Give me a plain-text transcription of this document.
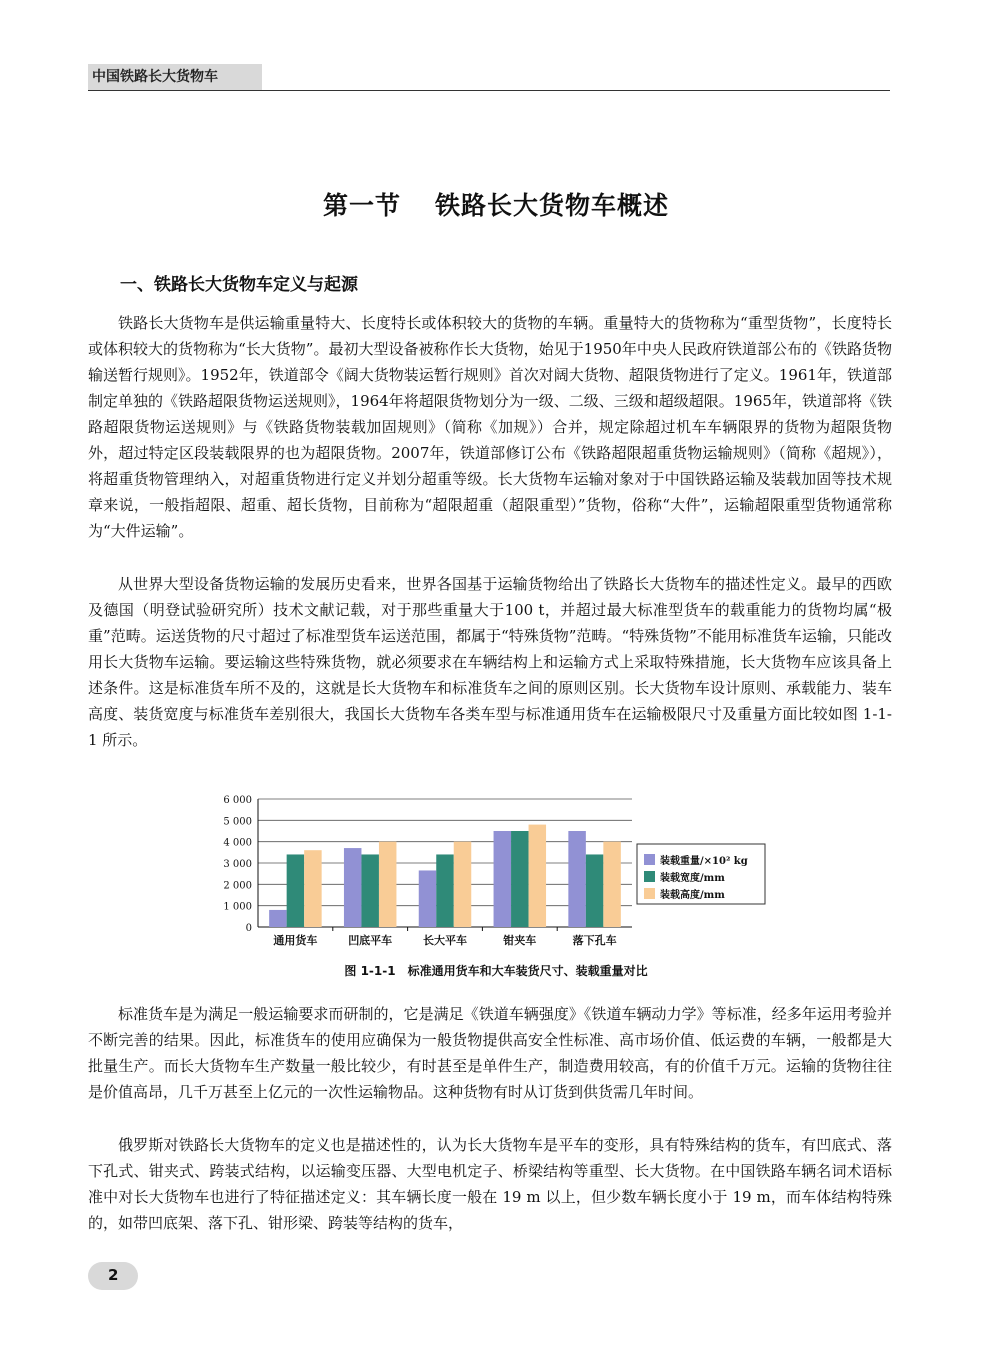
中国铁路长大货物车
第一节 铁路长大货物车概述
一、铁路长大货物车定义与起源

铁路长大货物车是供运输重量特大、长度特长或体积较大的货物的车辆。重量特大的货物称为“重型货物”，长度特长或体积较大的货物称为“长大货物”。最初大型设备被称作长大货物，始见于1950年中央人民政府铁道部公布的《铁路货物输送暂行规则》。1952年，铁道部令《阔大货物装运暂行规则》首次对阔大货物、超限货物进行了定义。1961年，铁道部制定单独的《铁路超限货物运送规则》，1964年将超限货物划分为一级、二级、三级和超级超限。1965年，铁道部将《铁路超限货物运送规则》与《铁路货物装载加固规则》（简称《加规》）合并，规定除超过机车车辆限界的货物为超限货物外，超过特定区段装载限界的也为超限货物。2007年，铁道部修订公布《铁路超限超重货物运输规则》（简称《超规》），将超重货物管理纳入，对超重货物进行定义并划分超重等级。长大货物车运输对象对于中国铁路运输及装载加固等技术规章来说，一般指超限、超重、超长货物，目前称为“超限超重（超限重型）”货物，俗称“大件”，运输超限重型货物通常称为“大件运输”。

从世界大型设备货物运输的发展历史看来，世界各国基于运输货物给出了铁路长大货物车的描述性定义。最早的西欧及德国（明登试验研究所）技术文献记载，对于那些重量大于100 t，并超过最大标准型货车的载重能力的货物均属“极重”范畴。运送货物的尺寸超过了标准型货车运送范围，都属于“特殊货物”范畴。“特殊货物”不能用标准货车运输，只能改用长大货物车运输。要运输这些特殊货物，就必须要求在车辆结构上和运输方式上采取特殊措施，长大货物车应该具备上述条件。这是标准货车所不及的，这就是长大货物车和标准货车之间的原则区别。长大货物车设计原则、承载能力、装车高度、装货宽度与标准货车差别很大，我国长大货物车各类车型与标准通用货车在运输极限尺寸及重量方面比较如图 1-1-1 所示。

0
1 000
2 000
3 000
4 000
5 000
6 000
通用货车	凹底平车	长大平车	钳夹车	落下孔车
装载重量/×10² kg
装载宽度/mm
装载高度/mm
图 1-1-1 标准通用货车和大车装货尺寸、装载重量对比

标准货车是为满足一般运输要求而研制的，它是满足《铁道车辆强度》《铁道车辆动力学》等标准，经多年运用考验并不断完善的结果。因此，标准货车的使用应确保为一般货物提供高安全性标准、高市场价值、低运费的车辆，一般都是大批量生产。而长大货物车生产数量一般比较少，有时甚至是单件生产，制造费用较高，有的价值千万元。运输的货物往往是价值高昂，几千万甚至上亿元的一次性运输物品。这种货物有时从订货到供货需几年时间。

俄罗斯对铁路长大货物车的定义也是描述性的，认为长大货物车是平车的变形，具有特殊结构的货车，有凹底式、落下孔式、钳夹式、跨装式结构，以运输变压器、大型电机定子、桥梁结构等重型、长大货物。在中国铁路车辆名词术语标准中对长大货物车也进行了特征描述定义：其车辆长度一般在 19 m 以上，但少数车辆长度小于 19 m，而车体结构特殊的，如带凹底架、落下孔、钳形梁、跨装等结构的货车，

2
